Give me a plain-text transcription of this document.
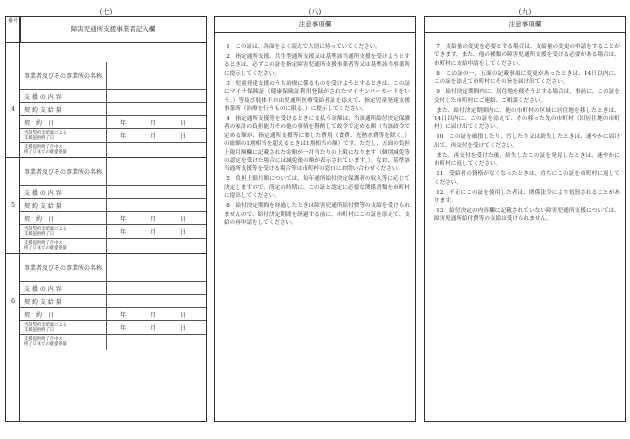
(七)	(八)	(九)
番号
障害児通所支援事業者記入欄
4
事業者及びその事業所の名称
支 援 の 内 容
契 約 支 給 量
契　約　日	年	月	日
当該契約支給量による
支援提供終了日	年	月	日
支援提供終了月中の
終了日までの既提供量
5
事業者及びその事業所の名称
支 援 の 内 容
契 約 支 給 量
契　約　日	年	月	日
当該契約支給量による
支援提供終了日	年	月	日
支援提供終了月中の
終了日までの既提供量
6
事業者及びその事業所の名称
支 援 の 内 容
契 約 支 給 量
契　約　日	年	月	日
当該契約支給量による
支援提供終了日	年	月	日
支援提供終了月中の
終了日までの既提供量
注意事項欄

1　この証は、各面をよく読んで大切に持っていてください。

2　指定通所支援、共生型通所支援又は基準該当通所支援を受けようとするときは、必ずこの証を指定障害児通所支援事業者等又は基準該当事業所に提示してください。

3　児童発達支援のうち治療に係るものを受けようとするときは、この証にマイナ保険証（健康保険証利用登録がされたマイナンバーカードをいう。）等及び肢体不自由児通所医療受給者証を添えて、指定児童発達支援事業所（治療を行うものに限る。）に提示してください。

4　指定通所支援等を受けるときに支払う金額は、当該通所給付決定保護者の家計の負担能力その他の事情を斟酌して政令で定める額（当該政令で定める額が、指定通所支援等に要した費用（食費、光熱水費等を除く。）の総額の1割相当を超えるときは1割相当の額）です。ただし、五面の負担上限月額欄に記載された金額が一月当たりの上限になります（個別減免等の認定を受けた場合には減免後の額が表示されています。）。なお、基準該当通所支援等を受ける場合等は市町村の窓口にお問い合わせください。

5　負担上限月額については、毎年通所給付決定保護者の収入等に応じて決定しますので、所定の時期に、この証と認定に必要な関係書類を市町村に提出してください。

6　給付決定期間を経過したときは障害児通所給付費等の支給を受けられませんので、給付決定期間を経過する前に、市町村にこの証を添えて、支給の再申請をしてください。

注意事項欄

7　支給量の変更を必要とする場合は、支給量の変更の申請をすることができます。また、他の種類の障害児通所支援を受ける必要がある場合は、市町村に支給申請をしてください。

8　この証の一、五面の記載事項に変更があったときは、14日以内に、この証を添えて市町村にその旨を届け出てください。

9　給付決定期間内に、居住地を移そうとする場合は、事前に、この証を交付した市町村にご連絡、ご相談ください。

また、給付決定期間内に、他の市町村の区域に居住地を移したときは、14日以内に、この証を添えて、その移った先の市町村（旧居住地の市町村）に届け出てください。

10　この証を破損したり、汚したり又は紛失したときは、速やかに届け出て、再交付を受けてください。

また、再交付を受けた後、紛失したこの証を発見したときは、速やかに市町村に返してください。

11　受給者の資格がなくなったときは、直ちにこの証を市町村に返してください。

12　不正にこの証を使用した者は、関係法令により処罰されることがあります。

13　給付決定の内容欄に記載されていない障害児通所支援については、障害児通所給付費等の支給は受けられません。
